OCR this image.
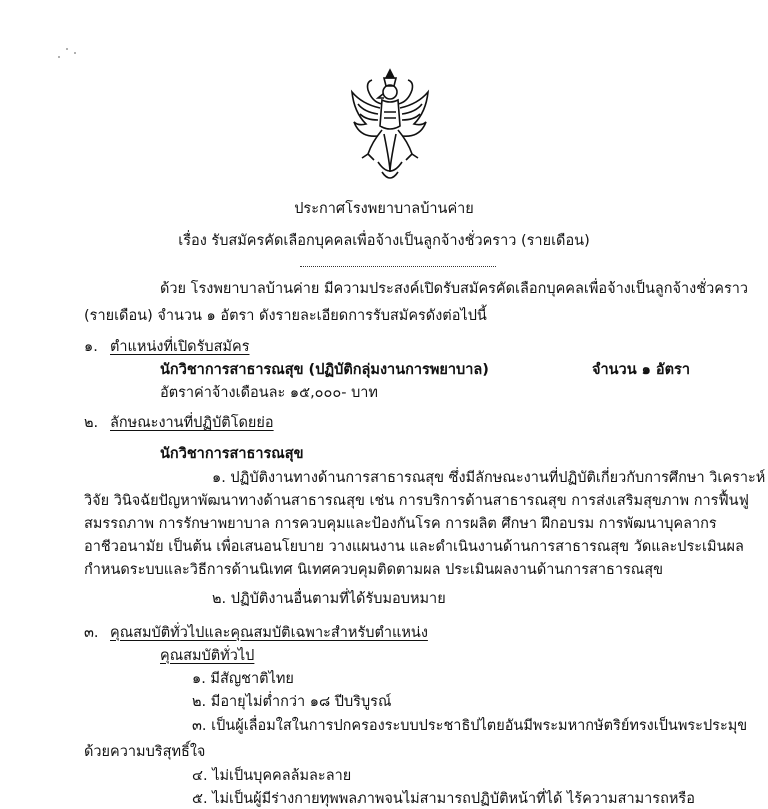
ประกาศโรงพยาบาลบ้านค่าย
เรื่อง รับสมัครคัดเลือกบุคคลเพื่อจ้างเป็นลูกจ้างชั่วคราว (รายเดือน)
ด้วย โรงพยาบาลบ้านค่าย มีความประสงค์เปิดรับสมัครคัดเลือกบุคคลเพื่อจ้างเป็นลูกจ้างชั่วคราว
(รายเดือน) จำนวน ๑ อัตรา ดังรายละเอียดการรับสมัครดังต่อไปนี้
๑. ตำแหน่งที่เปิดรับสมัคร
นักวิชาการสาธารณสุข (ปฏิบัติกลุ่มงานการพยาบาล)	จำนวน ๑ อัตรา
อัตราค่าจ้างเดือนละ ๑๕,๐๐๐- บาท
๒. ลักษณะงานที่ปฏิบัติโดยย่อ
นักวิชาการสาธารณสุข
๑. ปฏิบัติงานทางด้านการสาธารณสุข ซึ่งมีลักษณะงานที่ปฏิบัติเกี่ยวกับการศึกษา วิเคราะห์
วิจัย วินิจฉัยปัญหาพัฒนาทางด้านสาธารณสุข เช่น การบริการด้านสาธารณสุข การส่งเสริมสุขภาพ การฟื้นฟู
สมรรถภาพ การรักษาพยาบาล การควบคุมและป้องกันโรค การผลิต ศึกษา ฝึกอบรม การพัฒนาบุคลากร
อาชีวอนามัย เป็นต้น เพื่อเสนอนโยบาย วางแผนงาน และดำเนินงานด้านการสาธารณสุข วัดและประเมินผล
กำหนดระบบและวิธีการด้านนิเทศ นิเทศควบคุมติดตามผล ประเมินผลงานด้านการสาธารณสุข
๒. ปฏิบัติงานอื่นตามที่ได้รับมอบหมาย
๓. คุณสมบัติทั่วไปและคุณสมบัติเฉพาะสำหรับตำแหน่ง
คุณสมบัติทั่วไป
๑. มีสัญชาติไทย
๒. มีอายุไม่ต่ำกว่า ๑๘ ปีบริบูรณ์
๓. เป็นผู้เลื่อมใสในการปกครองระบบประชาธิปไตยอันมีพระมหากษัตริย์ทรงเป็นพระประมุข
ด้วยความบริสุทธิ์ใจ
๔. ไม่เป็นบุคคลล้มละลาย
๕. ไม่เป็นผู้มีร่างกายทุพพลภาพจนไม่สามารถปฏิบัติหน้าที่ได้ ไร้ความสามารถหรือ
